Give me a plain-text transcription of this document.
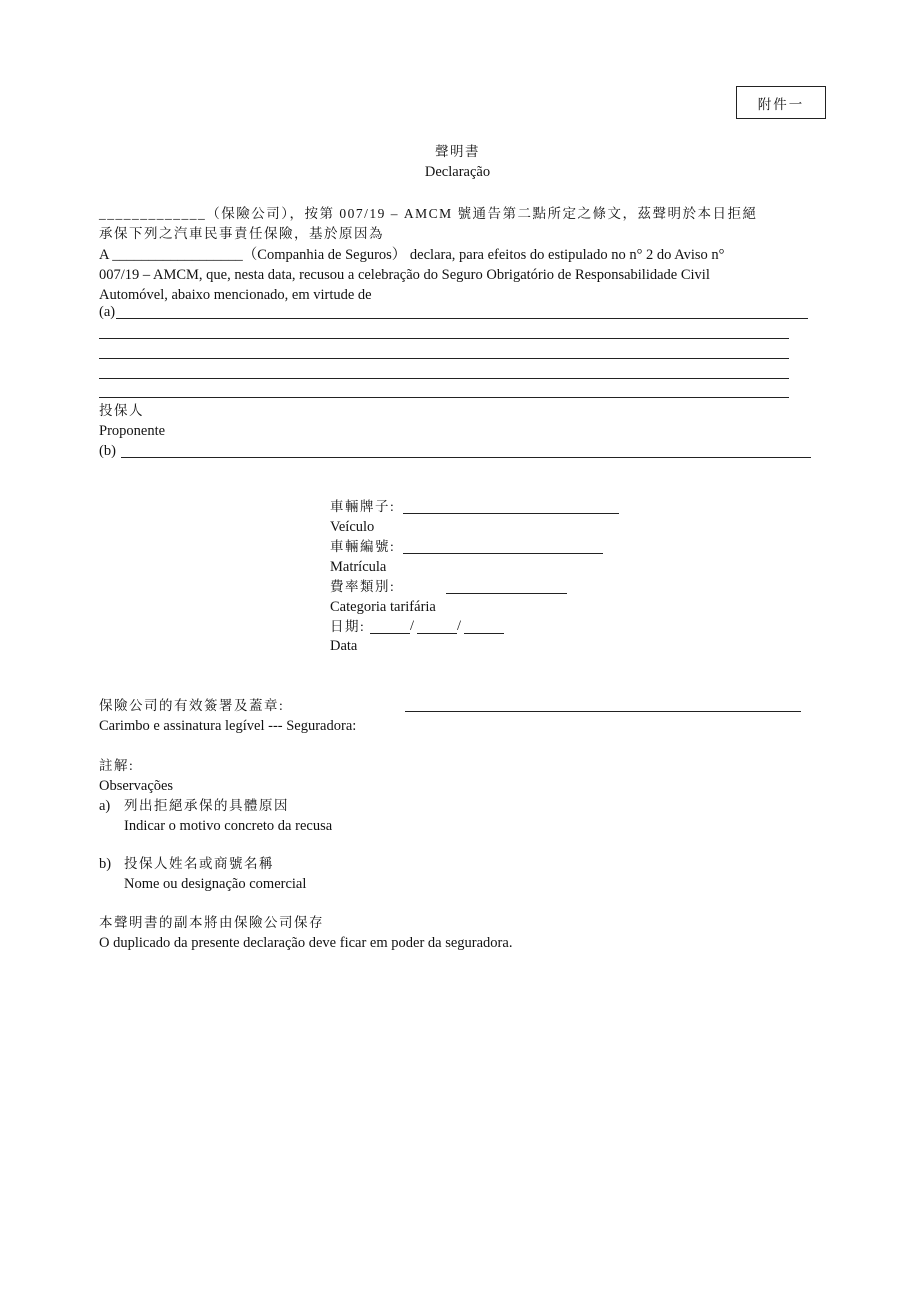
附件一
聲明書
Declaração
_____________（保險公司），按第 007/19 – AMCM 號通告第二點所定之條文，茲聲明於本日拒絕
承保下列之汽車民事責任保險，基於原因為
A __________________（Companhia de Seguros） declara, para efeitos do estipulado no n° 2 do Aviso n°
007/19 – AMCM, que, nesta data, recusou a celebração do Seguro Obrigatório de Responsabilidade Civil
Automóvel, abaixo mencionado, em virtude de
(a)
投保人
Proponente
(b)
車輛牌子:
Veículo
車輛編號:
Matrícula
費率類別:
Categoria tarifária
日期:	/	/
Data
保險公司的有效簽署及蓋章:
Carimbo e assinatura legível --- Seguradora:
註解:
Observações
a) 列出拒絕承保的具體原因
Indicar o motivo concreto da recusa
b) 投保人姓名或商號名稱
Nome ou designação comercial
本聲明書的副本將由保險公司保存
O duplicado da presente declaração deve ficar em poder da seguradora.
